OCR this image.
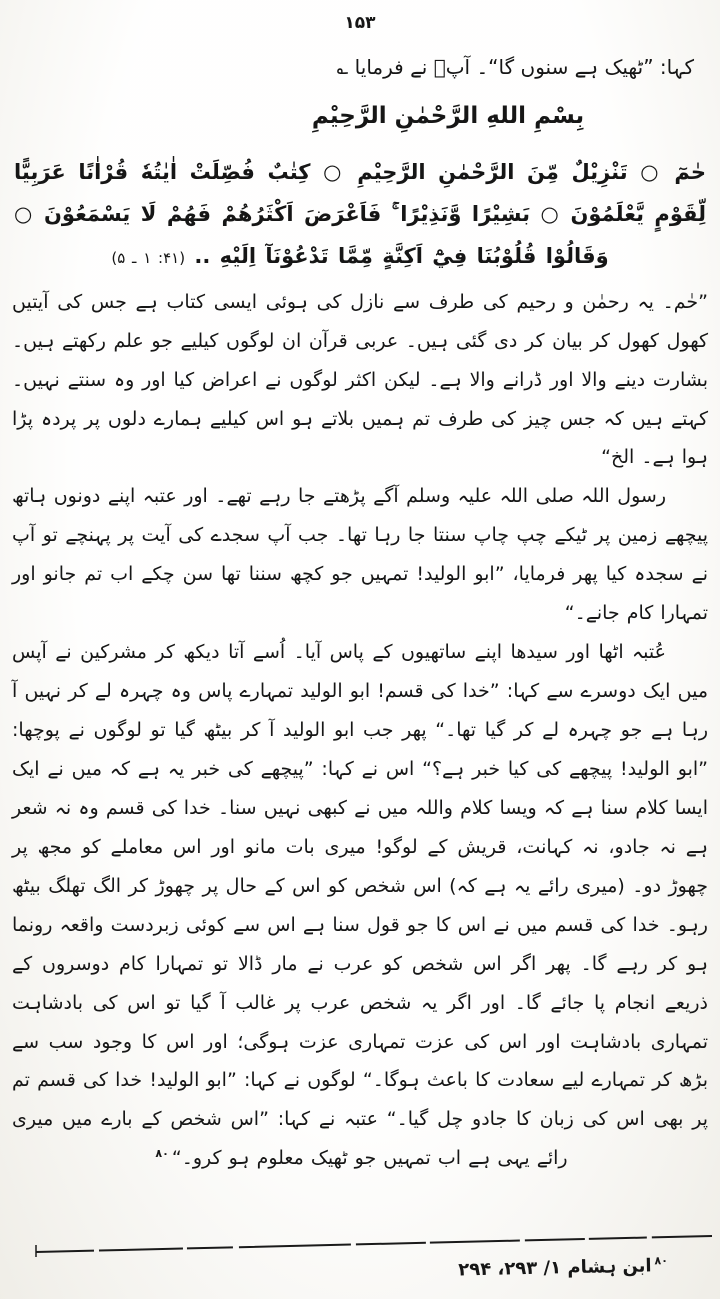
۱۵۳

کہا: ”ٹھیک ہے سنوں گا“۔ آپؐ نے فرمایا ؎

بِسْمِ اللهِ الرَّحْمٰنِ الرَّحِيْمِ

حٰمٓ ○ تَنْزِيْلٌ مِّنَ الرَّحْمٰنِ الرَّحِيْمِ ○ كِتٰبٌ فُصِّلَتْ اٰيٰتُهٗ قُرْاٰنًا عَرَبِيًّا لِّقَوْمٍ يَّعْلَمُوْنَ ○ بَشِيْرًا وَّنَذِيْرًا ۚ فَاَعْرَضَ اَكْثَرُهُمْ فَهُمْ لَا يَسْمَعُوْنَ ○ وَقَالُوْا قُلُوْبُنَا فِيْٓ اَكِنَّةٍ مِّمَّا تَدْعُوْنَآ اِلَيْهِ .. (۴۱: ۱ ـ ۵)

”حٰم۔ یہ رحمٰن و رحیم کی طرف سے نازل کی ہوئی ایسی کتاب ہے جس کی آیتیں کھول کھول کر بیان کر دی گئی ہیں۔ عربی قرآن ان لوگوں کیلیے جو علم رکھتے ہیں۔ بشارت دینے والا اور ڈرانے والا ہے۔ لیکن اکثر لوگوں نے اعراض کیا اور وہ سنتے نہیں۔ کہتے ہیں کہ جس چیز کی طرف تم ہمیں بلاتے ہو اس کیلیے ہمارے دلوں پر پردہ پڑا ہوا ہے۔ الخ“

رسول اللہ صلی اللہ علیہ وسلم آگے پڑھتے جا رہے تھے۔ اور عتبہ اپنے دونوں ہاتھ پیچھے زمین پر ٹیکے چپ چاپ سنتا جا رہا تھا۔ جب آپ سجدے کی آیت پر پہنچے تو آپ نے سجدہ کیا پھر فرمایا، ”ابو الولید! تمہیں جو کچھ سننا تھا سن چکے اب تم جانو اور تمہارا کام جانے۔“

عُتبہ اٹھا اور سیدھا اپنے ساتھیوں کے پاس آیا۔ اُسے آتا دیکھ کر مشرکین نے آپس میں ایک دوسرے سے کہا: ”خدا کی قسم! ابو الولید تمہارے پاس وہ چہرہ لے کر نہیں آ رہا ہے جو چہرہ لے کر گیا تھا۔“ پھر جب ابو الولید آ کر بیٹھ گیا تو لوگوں نے پوچھا: ”ابو الولید! پیچھے کی کیا خبر ہے؟“ اس نے کہا: ”پیچھے کی خبر یہ ہے کہ میں نے ایک ایسا کلام سنا ہے کہ ویسا کلام واللہ میں نے کبھی نہیں سنا۔ خدا کی قسم وہ نہ شعر ہے نہ جادو، نہ کہانت، قریش کے لوگو! میری بات مانو اور اس معاملے کو مجھ پر چھوڑ دو۔ (میری رائے یہ ہے کہ) اس شخص کو اس کے حال پر چھوڑ کر الگ تھلگ بیٹھ رہو۔ خدا کی قسم میں نے اس کا جو قول سنا ہے اس سے کوئی زبردست واقعہ رونما ہو کر رہے گا۔ پھر اگر اس شخص کو عرب نے مار ڈالا تو تمہارا کام دوسروں کے ذریعے انجام پا جائے گا۔ اور اگر یہ شخص عرب پر غالب آ گیا تو اس کی بادشاہت تمہاری بادشاہت اور اس کی عزت تمہاری عزت ہوگی؛ اور اس کا وجود سب سے بڑھ کر تمہارے لیے سعادت کا باعث ہوگا۔“ لوگوں نے کہا: ”ابو الولید! خدا کی قسم تم پر بھی اس کی زبان کا جادو چل گیا۔“ عتبہ نے کہا: ”اس شخص کے بارے میں میری رائے یہی ہے اب تمہیں جو ٹھیک معلوم ہو کرو۔“$^{۸۰}$

$^{۸۰}$ابن ہشام ۱/ ۲۹۳، ۲۹۴
